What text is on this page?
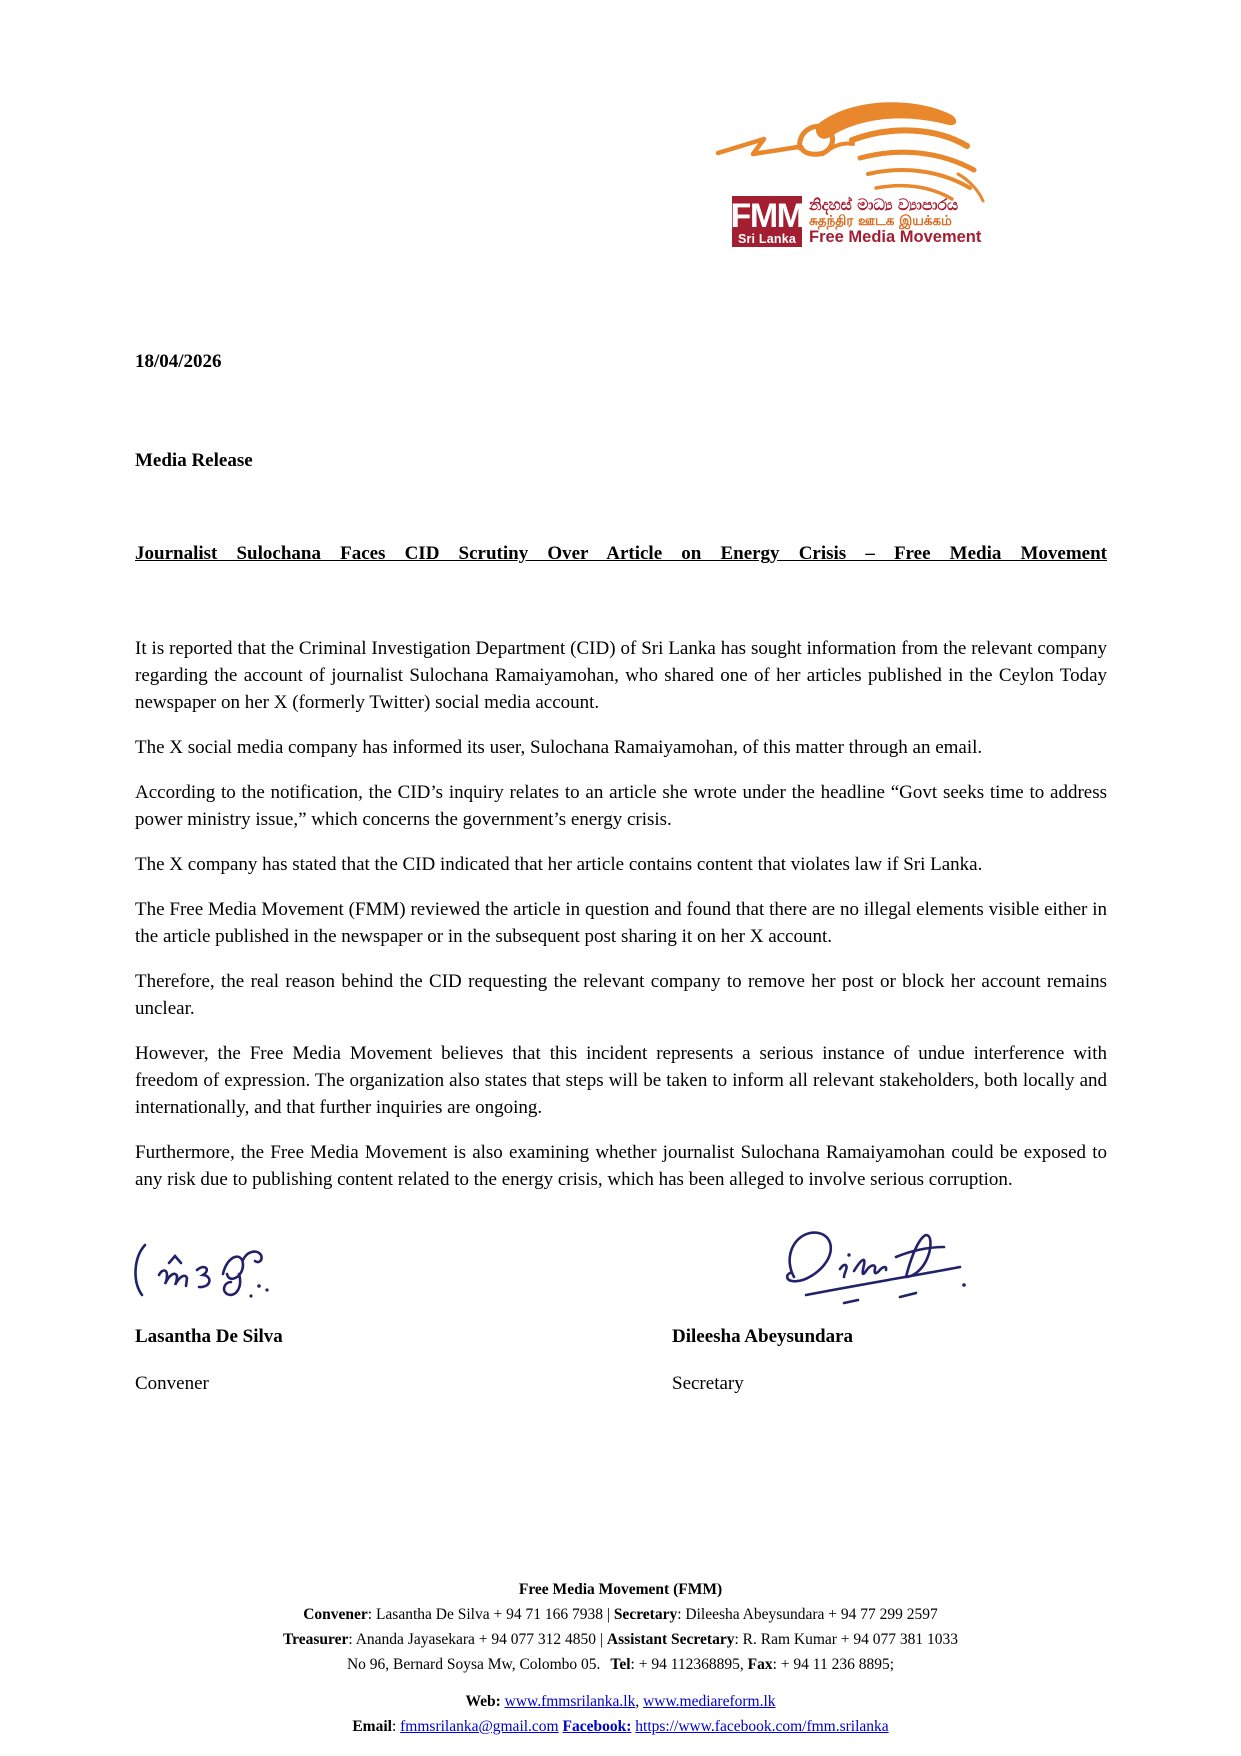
FMM
Sri Lanka
නිදහස් මාධ්‍ය ව්‍යාපාරය
சுதந்திர ஊடக இயக்கம்
Free Media Movement
18/04/2026
Media Release
Journalist Sulochana Faces CID Scrutiny Over Article on Energy Crisis – Free Media Movement

It is reported that the Criminal Investigation Department (CID) of Sri Lanka has sought information from the relevant company regarding the account of journalist Sulochana Ramaiyamohan, who shared one of her articles published in the Ceylon Today newspaper on her X (formerly Twitter) social media account.

The X social media company has informed its user, Sulochana Ramaiyamohan, of this matter through an email.

According to the notification, the CID’s inquiry relates to an article she wrote under the headline “Govt seeks time to address power ministry issue,” which concerns the government’s energy crisis.

The X company has stated that the CID indicated that her article contains content that violates law if Sri Lanka.

The Free Media Movement (FMM) reviewed the article in question and found that there are no illegal elements visible either in the article published in the newspaper or in the subsequent post sharing it on her X account.

Therefore, the real reason behind the CID requesting the relevant company to remove her post or block her account remains unclear.

However, the Free Media Movement believes that this incident represents a serious instance of undue interference with freedom of expression. The organization also states that steps will be taken to inform all relevant stakeholders, both locally and internationally, and that further inquiries are ongoing.

Furthermore, the Free Media Movement is also examining whether journalist Sulochana Ramaiyamohan could be exposed to any risk due to publishing content related to the energy crisis, which has been alleged to involve serious corruption.

Lasantha De Silva
Convener
Dileesha Abeysundara
Secretary
Free Media Movement (FMM)
Convener: Lasantha De Silva + 94 71 166 7938 | Secretary: Dileesha Abeysundara + 94 77 299 2597
Treasurer: Ananda Jayasekara + 94 077 312 4850 | Assistant Secretary: R. Ram Kumar + 94 077 381 1033
No 96, Bernard Soysa Mw, Colombo 05. Tel: + 94 112368895, Fax: + 94 11 236 8895;
Web: www.fmmsrilanka.lk, www.mediareform.lk
Email: fmmsrilanka@gmail.com Facebook: https://www.facebook.com/fmm.srilanka
